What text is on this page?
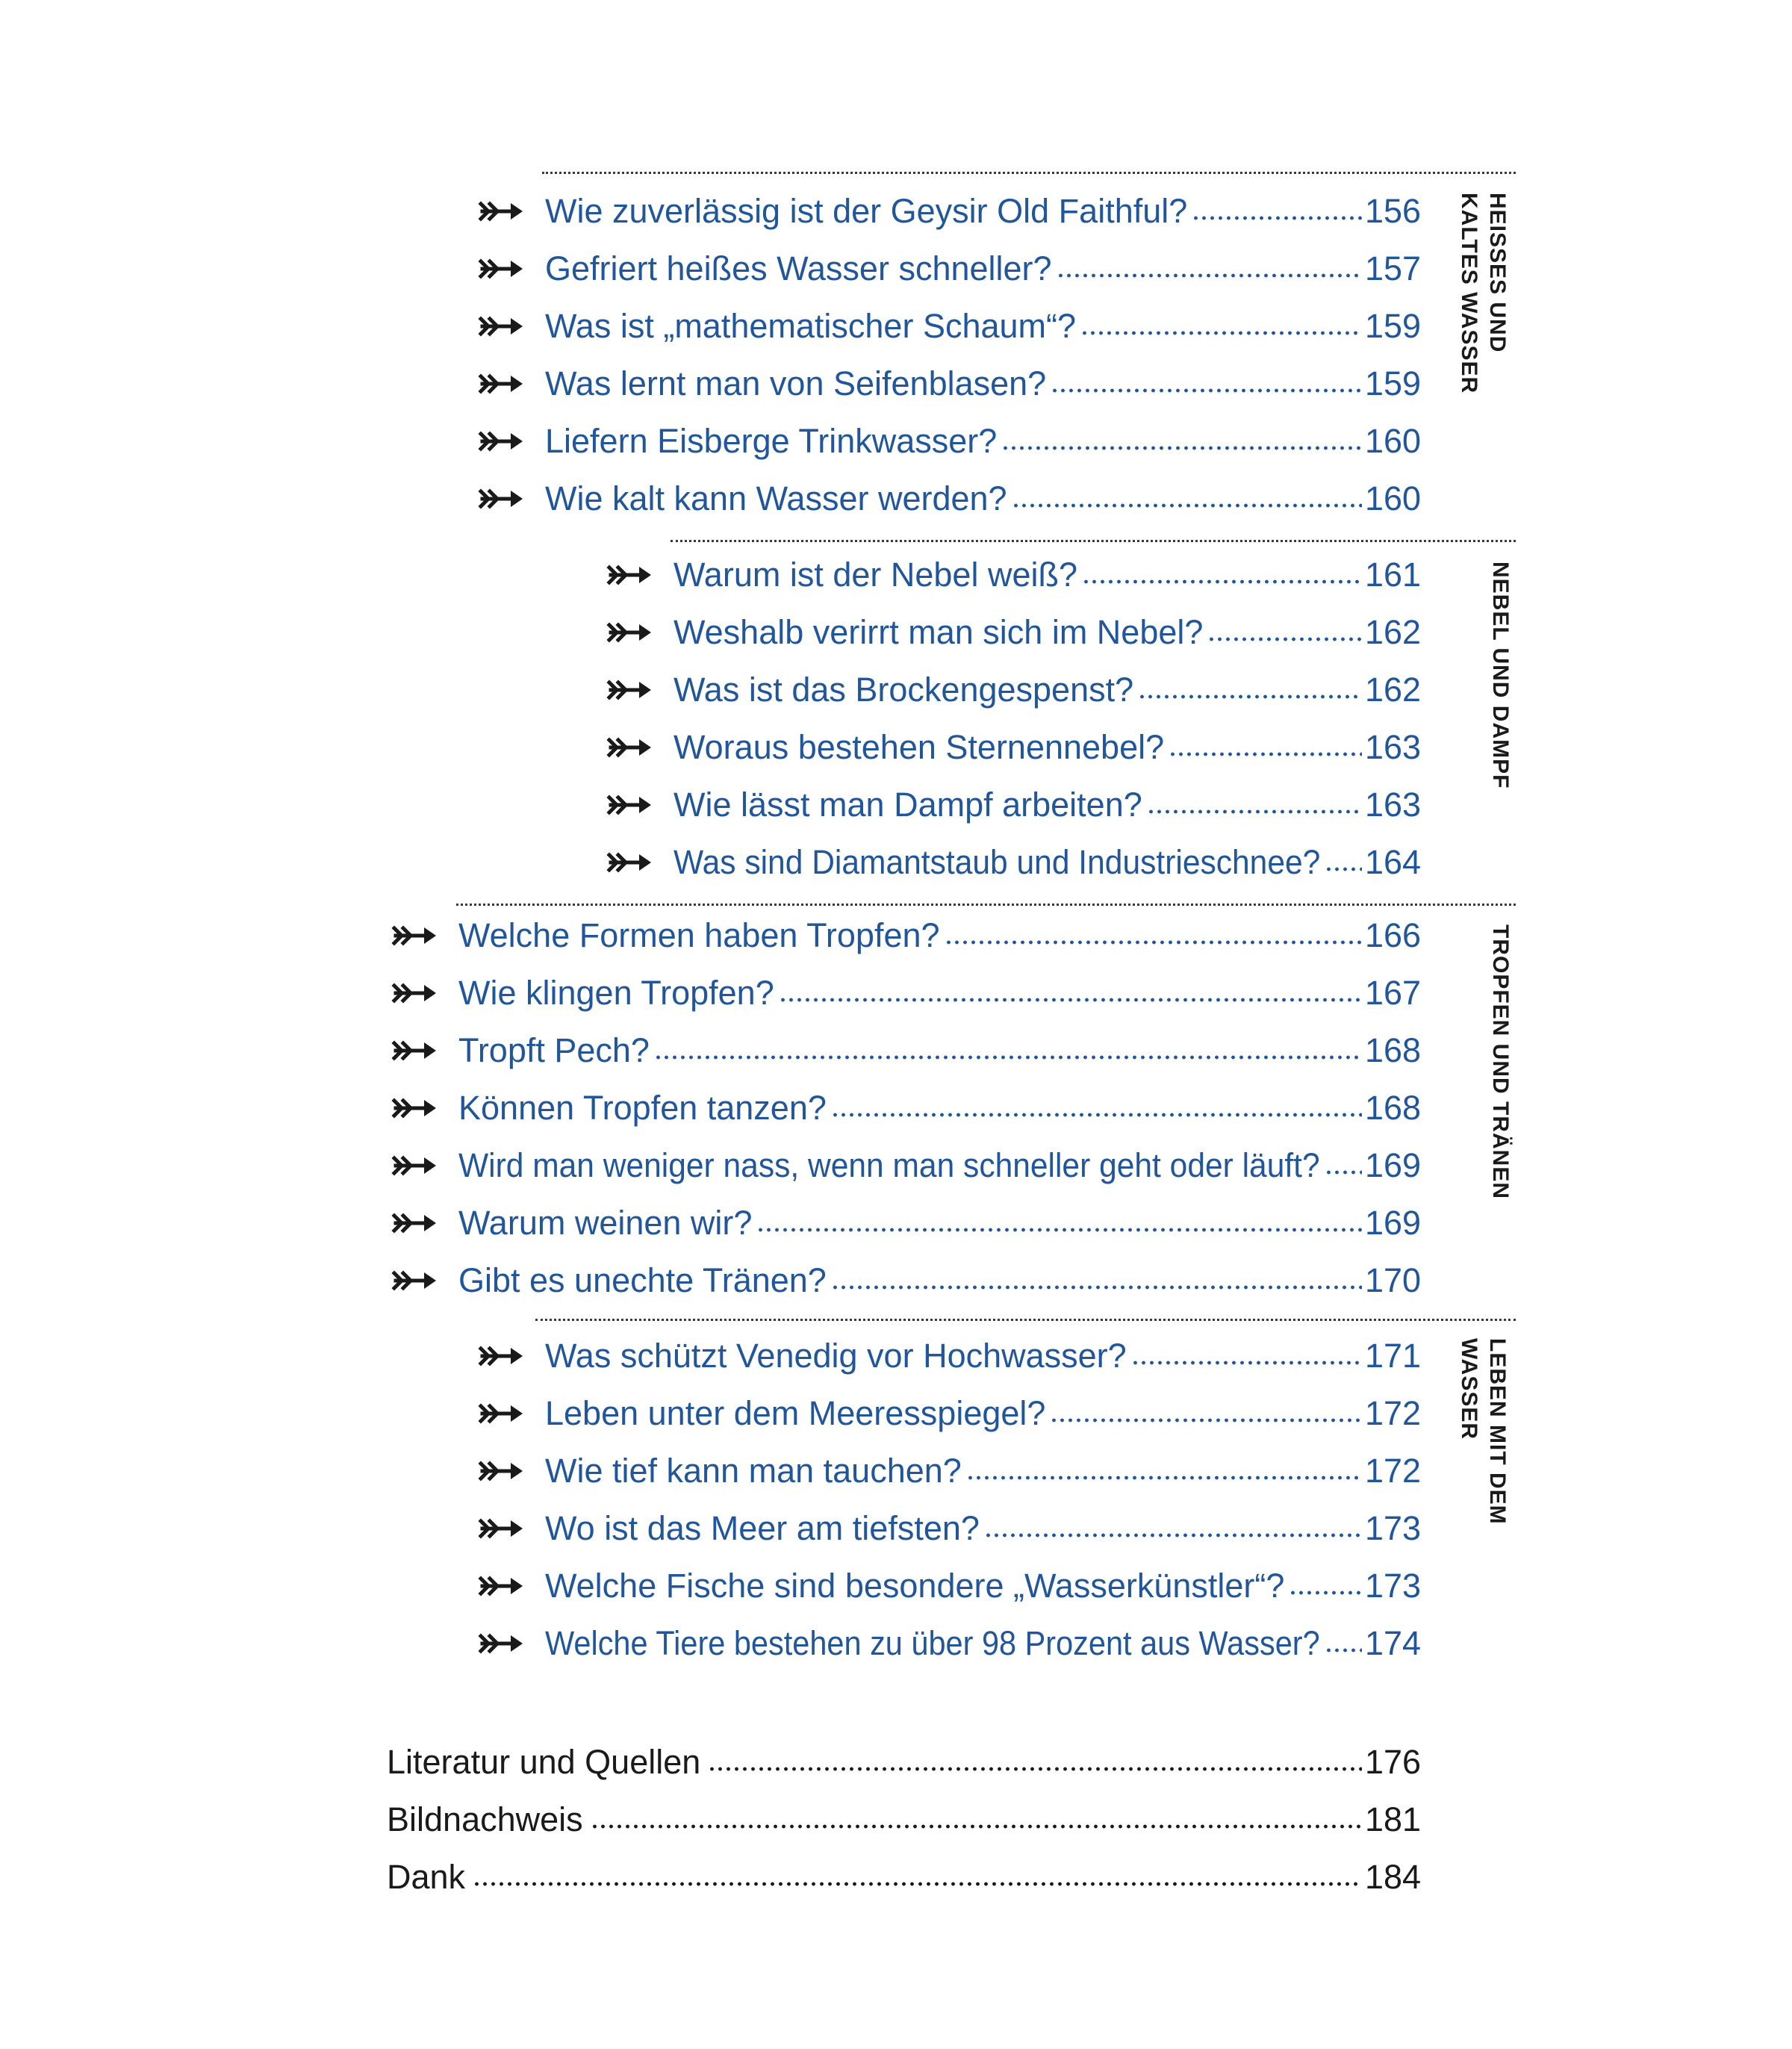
Wie zuverlässig ist der Geysir Old Faithful?	156
Gefriert heißes Wasser schneller?	157
Was ist „mathematischer Schaum“?	159
Was lernt man von Seifenblasen?	159
Liefern Eisberge Trinkwasser?	160
Wie kalt kann Wasser werden?	160
HEISSES UND
KALTES WASSER
Warum ist der Nebel weiß?	161
Weshalb verirrt man sich im Nebel?	162
Was ist das Brockengespenst?	162
Woraus bestehen Sternennebel?	163
Wie lässt man Dampf arbeiten?	163
Was sind Diamantstaub und Industrieschnee? 164
NEBEL UND DAMPF
Welche Formen haben Tropfen?	166
Wie klingen Tropfen?	167
Tropft Pech?	168
Können Tropfen tanzen?	168
Wird man weniger nass, wenn man schneller geht oder läuft? 169
Warum weinen wir?	169
Gibt es unechte Tränen?	170
TROPFEN UND TRÄNEN
Was schützt Venedig vor Hochwasser?	171
Leben unter dem Meeresspiegel?	172
Wie tief kann man tauchen?	172
Wo ist das Meer am tiefsten?	173
Welche Fische sind besondere „Wasserkünstler“? 173
Welche Tiere bestehen zu über 98 Prozent aus Wasser? 174
LEBEN MIT DEM
WASSER
Literatur und Quellen	176
Bildnachweis	181
Dank	184
